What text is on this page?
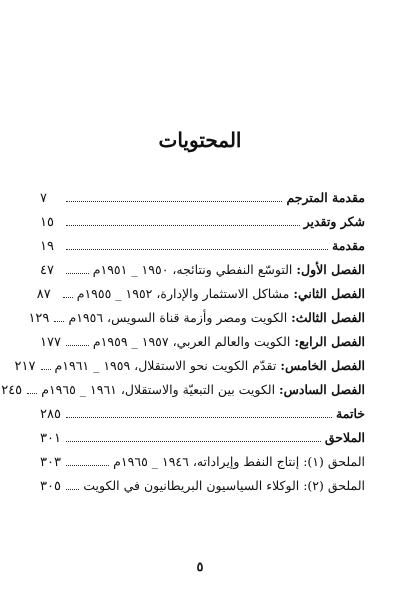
المحتويات
مقدمة المترجم
٧
شكر وتقدير
١٥
مقدمة
١٩
الفصل الأول: التوسّع النفطي ونتائجه، ١٩٥٠ _ ١٩٥١م
٤٧
الفصل الثاني: مشاكل الاستثمار والإدارة، ١٩٥٢ _ ١٩٥٥م
٨٧
الفصل الثالث: الكويت ومصر وأزمة قناة السويس، ١٩٥٦م
١٢٩
الفصل الرابع: الكويت والعالم العربي، ١٩٥٧ _ ١٩٥٩م
١٧٧
الفصل الخامس: تقدّم الكويت نحو الاستقلال، ١٩٥٩ _ ١٩٦١م
٢١٧
الفصل السادس: الكويت بين التبعيّة والاستقلال، ١٩٦١ _ ١٩٦٥م
٢٤٥
خاتمة
٢٨٥
الملاحق
٣٠١
الملحق (١): إنتاج النفط وإيراداته، ١٩٤٦ _ ١٩٦٥م
٣٠٣
الملحق (٢): الوكلاء السياسيون البريطانيون في الكويت
٣٠٥
٥
